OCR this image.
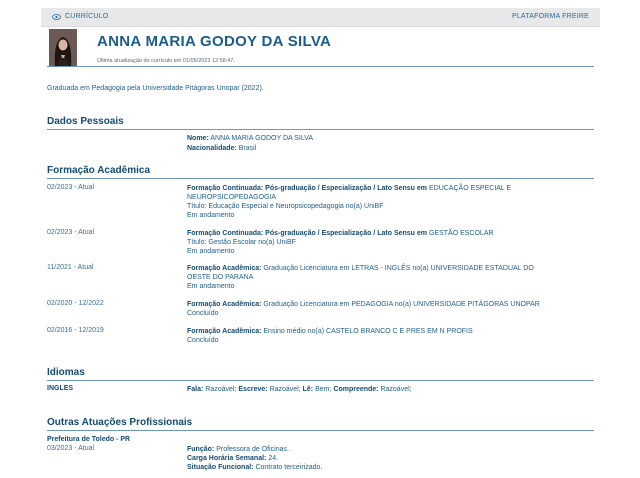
CURRÍCULO	PLATAFORMA FREIRE
ANNA MARIA GODOY DA SILVA
Última atualização do currículo em 01/05/2023 12:58:47.
Graduada em Pedagogia pela Universidade Pitágoras Unopar (2022).
Dados Pessoais
Nome: ANNA MARIA GODOY DA SILVA
Nacionalidade: Brasil
Formação Acadêmica
02/2023 - Atual	Formação Continuada: Pós-graduação / Especialização / Lato Sensu em EDUCAÇÃO ESPECIAL E NEUROPSICOPEDAGOGIA
Título: Educação Especial e Neuropsicopedagogia no(a) UniBF
Em andamento
02/2023 - Atual	Formação Continuada: Pós-graduação / Especialização / Lato Sensu em GESTÃO ESCOLAR
Título: Gestão Escolar no(a) UniBF
Em andamento
11/2021 - Atual	Formação Acadêmica: Graduação Licenciatura em LETRAS - INGLÊS no(a) UNIVERSIDADE ESTADUAL DO OESTE DO PARANA
Em andamento
02/2020 - 12/2022	Formação Acadêmica: Graduação Licenciatura em PEDAGOGIA no(a) UNIVERSIDADE PITÁGORAS UNOPAR
Concluído
02/2016 - 12/2019	Formação Acadêmica: Ensino médio no(a) CASTELO BRANCO C E PRES EM N PROFIS
Concluído
Idiomas
INGLES	Fala: Razoável; Escreve: Razoável; Lê: Bem; Compreende: Razoável;
Outras Atuações Profissionais
Prefeitura de Toledo - PR
03/2023 - Atual	Função: Professora de Oficinas .
Carga Horária Semanal: 24.
Situação Funcional: Contrato terceirizado.
